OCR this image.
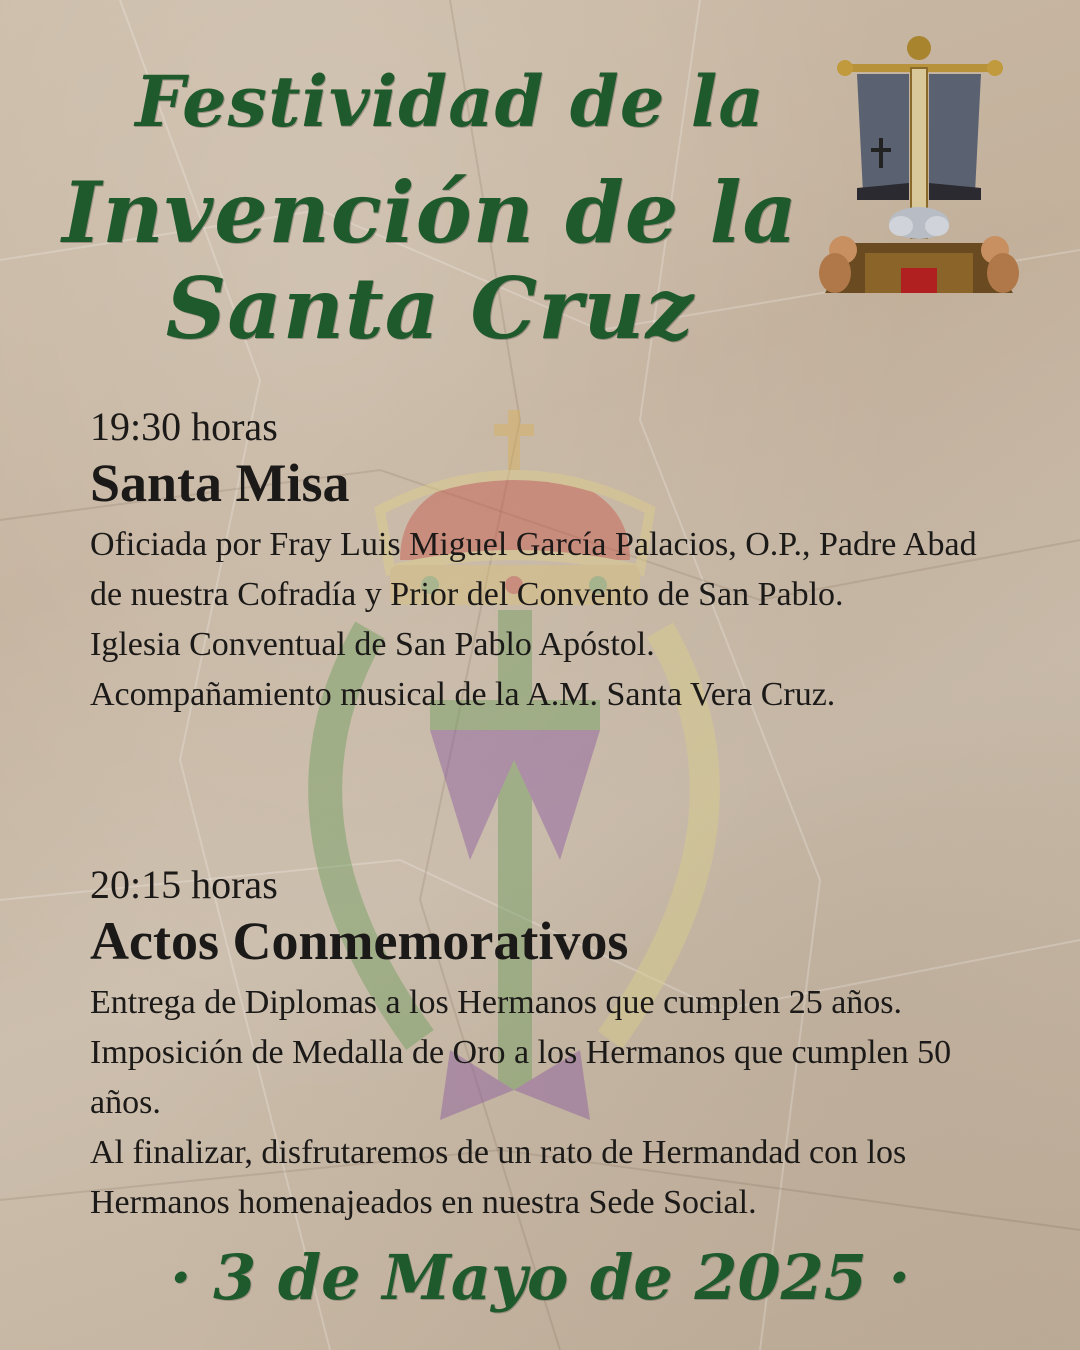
Festividad de la
Invención de la Santa Cruz

19:30 horas

Santa Misa

Oficiada por Fray Luis Miguel García Palacios, O.P., Padre Abad de nuestra Cofradía y Prior del Convento de San Pablo.

Iglesia Conventual de San Pablo Apóstol.

Acompañamiento musical de la A.M. Santa Vera Cruz.

20:15 horas

Actos Conmemorativos

Entrega de Diplomas a los Hermanos que cumplen 25 años.

Imposición de Medalla de Oro a los Hermanos que cumplen 50 años.

Al finalizar, disfrutaremos de un rato de Hermandad con los Hermanos homenajeados en nuestra Sede Social.

· 3 de Mayo de 2025 ·
